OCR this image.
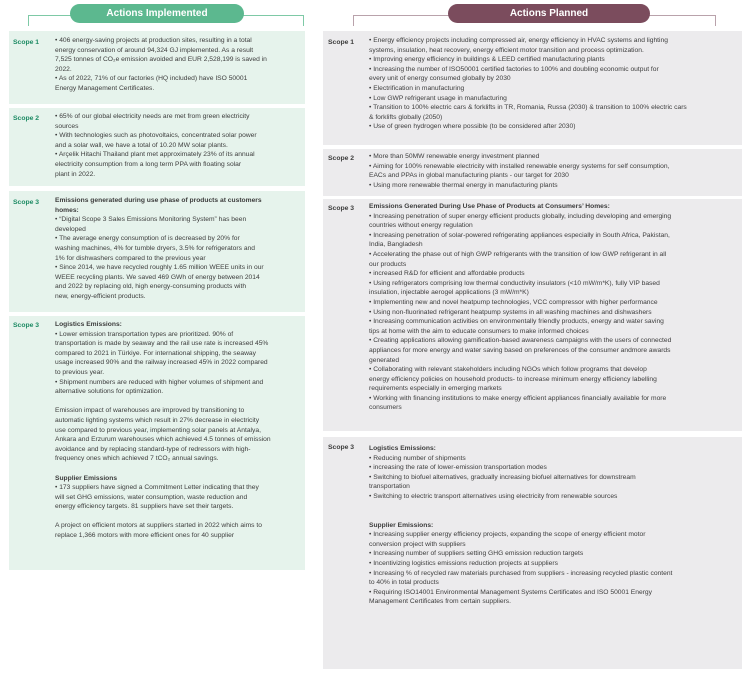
Actions Implemented	Actions Planned
Scope 1 • 406 energy-saving projects at production sites, resulting in a total

energy conservation of around 94,324 GJ implemented. As a result

7,525 tonnes of CO₂e emission avoided and EUR 2,528,199 is saved in

2022.

• As of 2022, 71% of our factories (HQ included) have ISO 50001

Energy Management Certificates.

Scope 2 • 65% of our global electricity needs are met from green electricity

sources

• With technologies such as photovoltaics, concentrated solar power

and a solar wall, we have a total of 10.20 MW solar plants.

• Arçelik Hitachi Thailand plant met approximately 23% of its annual

electricity consumption from a long term PPA with floating solar

plant in 2022.

Scope 3 Emissions generated during use phase of products at customers

homes:

• “Digital Scope 3 Sales Emissions Monitoring System” has been

developed

• The average energy consumption of is decreased by 20% for

washing machines, 4% for tumble dryers, 3.5% for refrigerators and

1% for dishwashers compared to the previous year

• Since 2014, we have recycled roughly 1.65 million WEEE units in our

WEEE recycling plants. We saved 469 GWh of energy between 2014

and 2022 by replacing old, high energy-consuming products with

new, energy-efficient products.

Scope 3 Logistics Emissions:

• Lower emission transportation types are prioritized. 90% of

transportation is made by seaway and the rail use rate is increased 45%

compared to 2021 in Türkiye. For international shipping, the seaway

usage increased 90% and the railway increased 45% in 2022 compared

to previous year.

• Shipment numbers are reduced with higher volumes of shipment and

alternative solutions for optimization.

Emission impact of warehouses are improved by transitioning to

automatic lighting systems which result in 27% decrease in electricity

use compared to previous year, implementing solar panels at Antalya,

Ankara and Erzurum warehouses which achieved 4.5 tonnes of emission

avoidance and by replacing standard-type of redressors with high-

frequency ones which achieved 7 tCO₂ annual savings.

Supplier Emissions

• 173 suppliers have signed a Commitment Letter indicating that they

will set GHG emissions, water consumption, waste reduction and

energy efficiency targets. 81 suppliers have set their targets.

A project on efficient motors at suppliers started in 2022 which aims to

replace 1,366 motors with more efficient ones for 40 supplier

Scope 1 • Energy efficiency projects including compressed air, energy efficiency in HVAC systems and lighting

systems, insulation, heat recovery, energy efficient motor transition and process optimization.

• Improving energy efficiency in buildings & LEED certified manufacturing plants

• Increasing the number of ISO50001 certified factories to 100% and doubling economic output for

every unit of energy consumed globally by 2030

• Electrification in manufacturing

• Low GWP refrigerant usage in manufacturing

• Transition to 100% electric cars & forklifts in TR, Romania, Russa (2030) & transition to 100% electric cars

& forklifts globally (2050)

• Use of green hydrogen where possible (to be considered after 2030)

Scope 2 • More than 50MW renewable energy investment planned

• Aiming for 100% renewable electricity with installed renewable energy systems for self consumption,

EACs and PPAs in global manufacturing plants - our target for 2030

• Using more renewable thermal energy in manufacturing plants

Scope 3 Emissions Generated During Use Phase of Products at Consumers’ Homes:

• Increasing penetration of super energy efficient products globally, including developing and emerging

countries without energy regulation

• Increasing penetration of solar-powered refrigerating appliances especially in South Africa, Pakistan,

India, Bangladesh

• Accelerating the phase out of high GWP refrigerants with the transition of low GWP refrigerant in all

our products

• increased R&D for efficient and affordable products

• Using refrigerators comprising low thermal conductivity insulators (<10 mW/m*K), fully VIP based

insulation, injectable aerogel applications (3 mW/m*K)

• Implementing new and novel heatpump technologies, VCC compressor with higher performance

• Using non-fluorinated refrigerant heatpump systems in all washing machines and dishwashers

• Increasing communication activities on environmentally friendly products, energy and water saving

tips at home with the aim to educate consumers to make informed choices

• Creating applications allowing gamification-based awareness campaigns with the users of connected

appliances for more energy and water saving based on preferences of the consumer andmore awards

generated

• Collaborating with relevant stakeholders including NGOs which follow programs that develop

energy efficiency policies on household products- to increase minimum energy efficiency labelling

requirements especially in emerging markets

• Working with financing institutions to make energy efficient appliances financially available for more

consumers

Scope 3 Logistics Emissions:

• Reducing number of shipments

• increasing the rate of lower-emission transportation modes

• Switching to biofuel alternatives, gradually increasing biofuel alternatives for downstream

transportation

• Switching to electric transport alternatives using electricity from renewable sources

Supplier Emissions:

• Increasing supplier energy efficiency projects, expanding the scope of energy efficient motor

conversion project with suppliers

• Increasing number of suppliers setting GHG emission reduction targets

• Incentivizing logistics emissions reduction projects at suppliers

• Increasing % of recycled raw materials purchased from suppliers - increasing recycled plastic content

to 40% in total products

• Requiring ISO14001 Environmental Management Systems Certificates and ISO 50001 Energy

Management Certificates from certain suppliers.
